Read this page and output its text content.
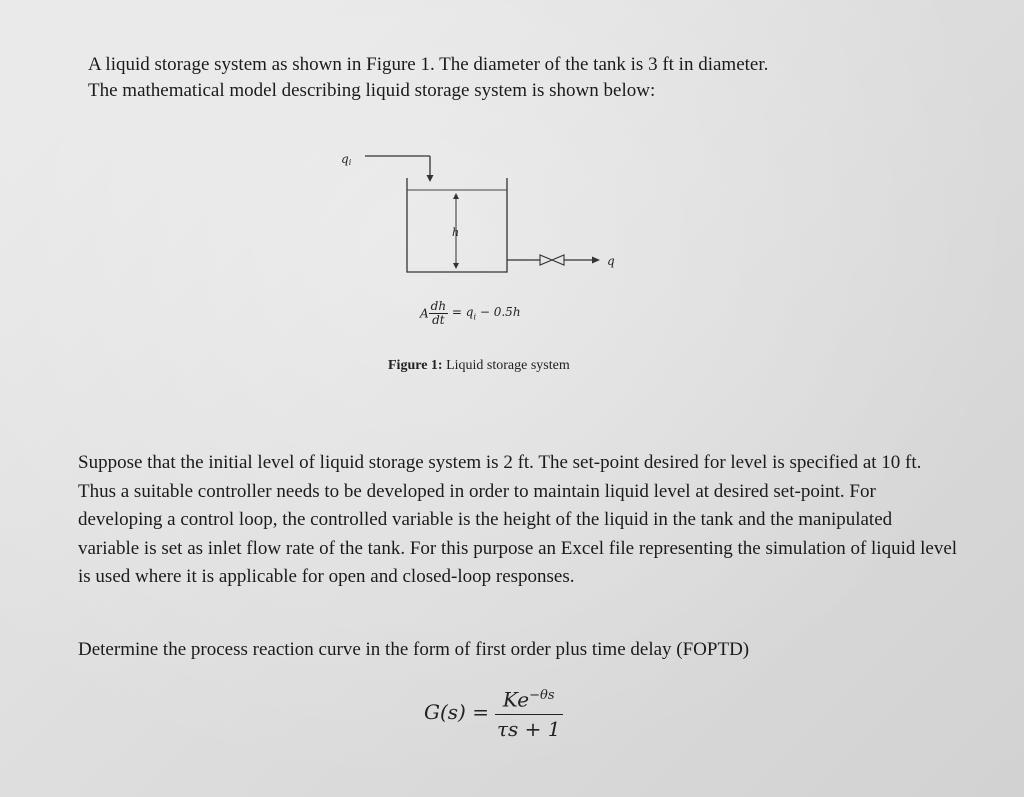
A liquid storage system as shown in Figure 1. The diameter of the tank is 3 ft in diameter.
The mathematical model describing liquid storage system is shown below:

qi
h
q
A $\frac{dh}{dt} = q_i - 0.5h$
Figure 1: Liquid storage system

Suppose that the initial level of liquid storage system is 2 ft. The set-point desired for level is specified at 10 ft. Thus a suitable controller needs to be developed in order to maintain liquid level at desired set-point. For developing a control loop, the controlled variable is the height of the liquid in the tank and the manipulated variable is set as inlet flow rate of the tank. For this purpose an Excel file representing the simulation of liquid level is used where it is applicable for open and closed-loop responses.

Determine the process reaction curve in the form of first order plus time delay (FOPTD)

$G(s) = \frac{Ke^{-\theta s}}{\tau s + 1}$
